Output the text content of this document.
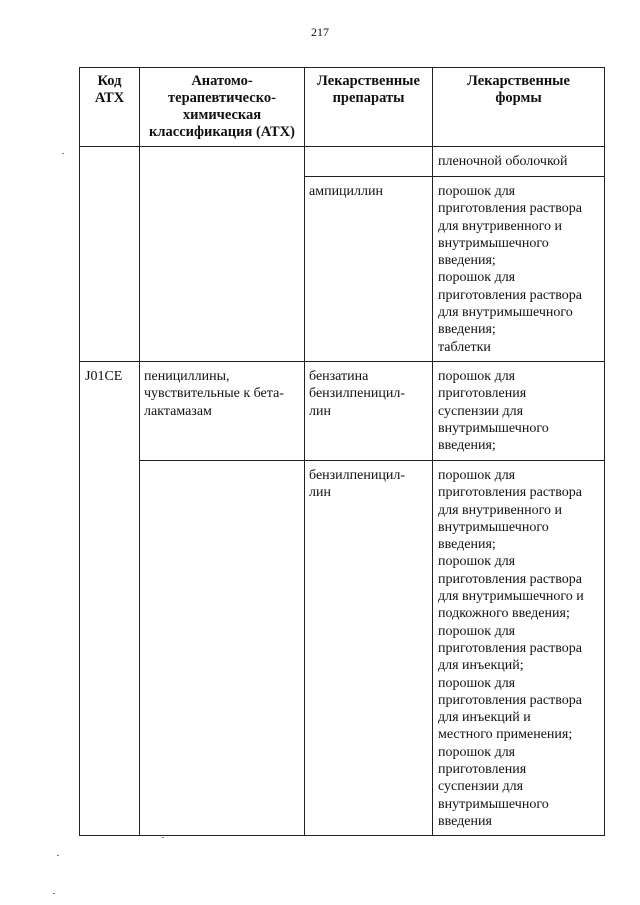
217
Код
АТХ
Анатомо-
терапевтическо-
химическая
классификация (АТХ)
Лекарственные
препараты
Лекарственные
формы
пленочной оболочкой
ампициллин	порошок для
приготовления раствора
для внутривенного и
внутримышечного
введения;
порошок для
приготовления раствора
для внутримышечного
введения;
таблетки
J01CE	пенициллины,
чувствительные к бета-
лактамазам
бензатина
бензилпеницил-
лин
порошок для
приготовления
суспензии для
внутримышечного
введения;
бензилпеницил-
лин
порошок для
приготовления раствора
для внутривенного и
внутримышечного
введения;
порошок для
приготовления раствора
для внутримышечного и
подкожного введения;
порошок для
приготовления раствора
для инъекций;
порошок для
приготовления раствора
для инъекций и
местного применения;
порошок для
приготовления
суспензии для
внутримышечного
введения
